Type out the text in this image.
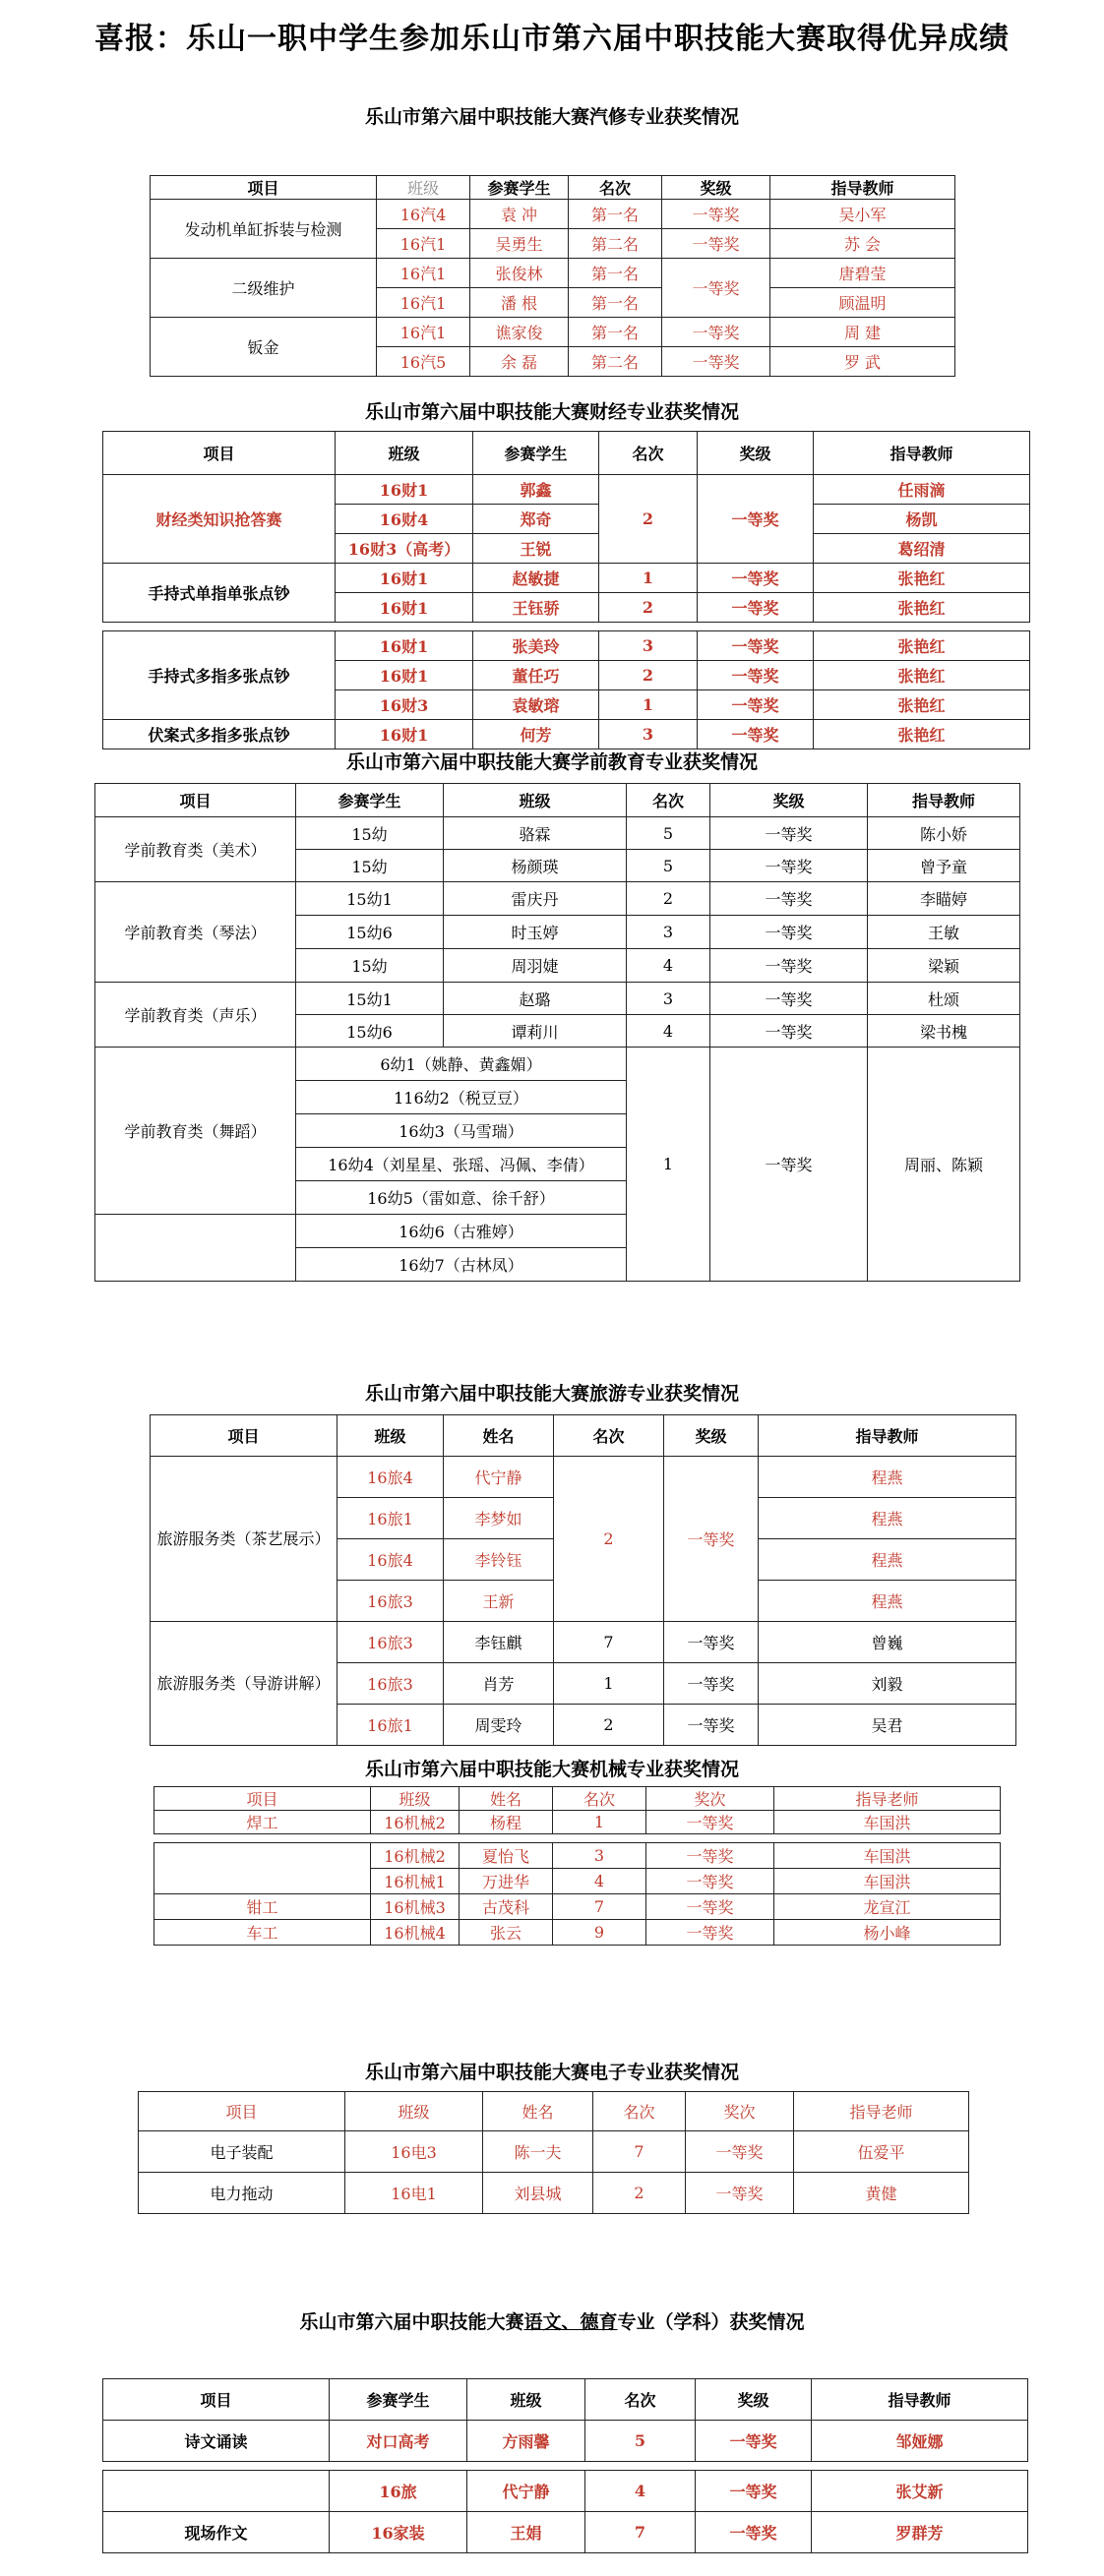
喜报：乐山一职中学生参加乐山市第六届中职技能大赛取得优异成绩
乐山市第六届中职技能大赛汽修专业获奖情况
项目	班级	参赛学生	名次	奖级	指导教师
发动机单缸拆装与检测	16汽4	袁 冲	第一名	一等奖	吴小军
	16汽1	吴勇生	第二名	一等奖	苏 会
二级维护	16汽1	张俊林	第一名	一等奖	唐碧莹
	16汽1	潘 根	第一名		顾温明
钣金	16汽1	谯家俊	第一名	一等奖	周 建
	16汽5	余 磊	第二名	一等奖	罗 武
乐山市第六届中职技能大赛财经专业获奖情况
项目	班级	参赛学生	名次	奖级	指导教师
财经类知识抢答赛	16财1	郭鑫	2	一等奖	任雨滴
	16财4	郑奇			杨凯
	16财3（高考）	王锐			葛绍清
手持式单指单张点钞	16财1	赵敏捷	1	一等奖	张艳红
	16财1	王钰骄	2	一等奖	张艳红

手持式多指多张点钞	16财1	张美玲	3	一等奖	张艳红
	16财1	董任巧	2	一等奖	张艳红
	16财3	袁敏瑢	1	一等奖	张艳红
伏案式多指多张点钞	16财1	何芳	3	一等奖	张艳红
乐山市第六届中职技能大赛学前教育专业获奖情况
项目	参赛学生	班级	名次	奖级	指导教师
学前教育类（美术）	15幼	骆霖	5	一等奖	陈小娇
	15幼	杨颜瑛	5	一等奖	曾予童
学前教育类（琴法）	15幼1	雷庆丹	2	一等奖	李瞄婷
	15幼6	时玉婷	3	一等奖	王敏
	15幼	周羽婕	4	一等奖	梁颖
学前教育类（声乐）	15幼1	赵璐	3	一等奖	杜颂
	15幼6	谭莉川	4	一等奖	梁书槐
学前教育类（舞蹈）	6幼1（姚静、黄鑫媚）		1	一等奖	周丽、陈颖
	116幼2（税豆豆）				
	16幼3（马雪瑞）				
	16幼4（刘星星、张瑶、冯佩、李倩）				
	16幼5（雷如意、徐千舒）				
	16幼6（古雅婷）				
	16幼7（古林凤）				
乐山市第六届中职技能大赛旅游专业获奖情况
项目	班级	姓名	名次	奖级	指导教师
旅游服务类（茶艺展示）	16旅4	代宁静	2	一等奖	程燕
	16旅1	李梦如			程燕
	16旅4	李铃钰			程燕
	16旅3	王新			程燕
旅游服务类（导游讲解）	16旅3	李钰麒	7	一等奖	曾巍
	16旅3	肖芳	1	一等奖	刘毅
	16旅1	周雯玲	2	一等奖	吴君
乐山市第六届中职技能大赛机械专业获奖情况
项目	班级	姓名	名次	奖次	指导老师
焊工	16机械2	杨程	1	一等奖	车国洪

	16机械2	夏怡飞	3	一等奖	车国洪
	16机械1	万进华	4	一等奖	车国洪
钳工	16机械3	古茂科	7	一等奖	龙宣江
车工	16机械4	张云	9	一等奖	杨小峰
乐山市第六届中职技能大赛电子专业获奖情况
项目	班级	姓名	名次	奖次	指导老师
电子装配	16电3	陈一夫	7	一等奖	伍爱平
电力拖动	16电1	刘县城	2	一等奖	黄健
乐山市第六届中职技能大赛语文、德育专业（学科）获奖情况
项目	参赛学生	班级	名次	奖级	指导教师
诗文诵读	对口高考	方雨馨	5	一等奖	邹娅娜

	16旅	代宁静	4	一等奖	张艾新
现场作文	16家装	王娟	7	一等奖	罗群芳
